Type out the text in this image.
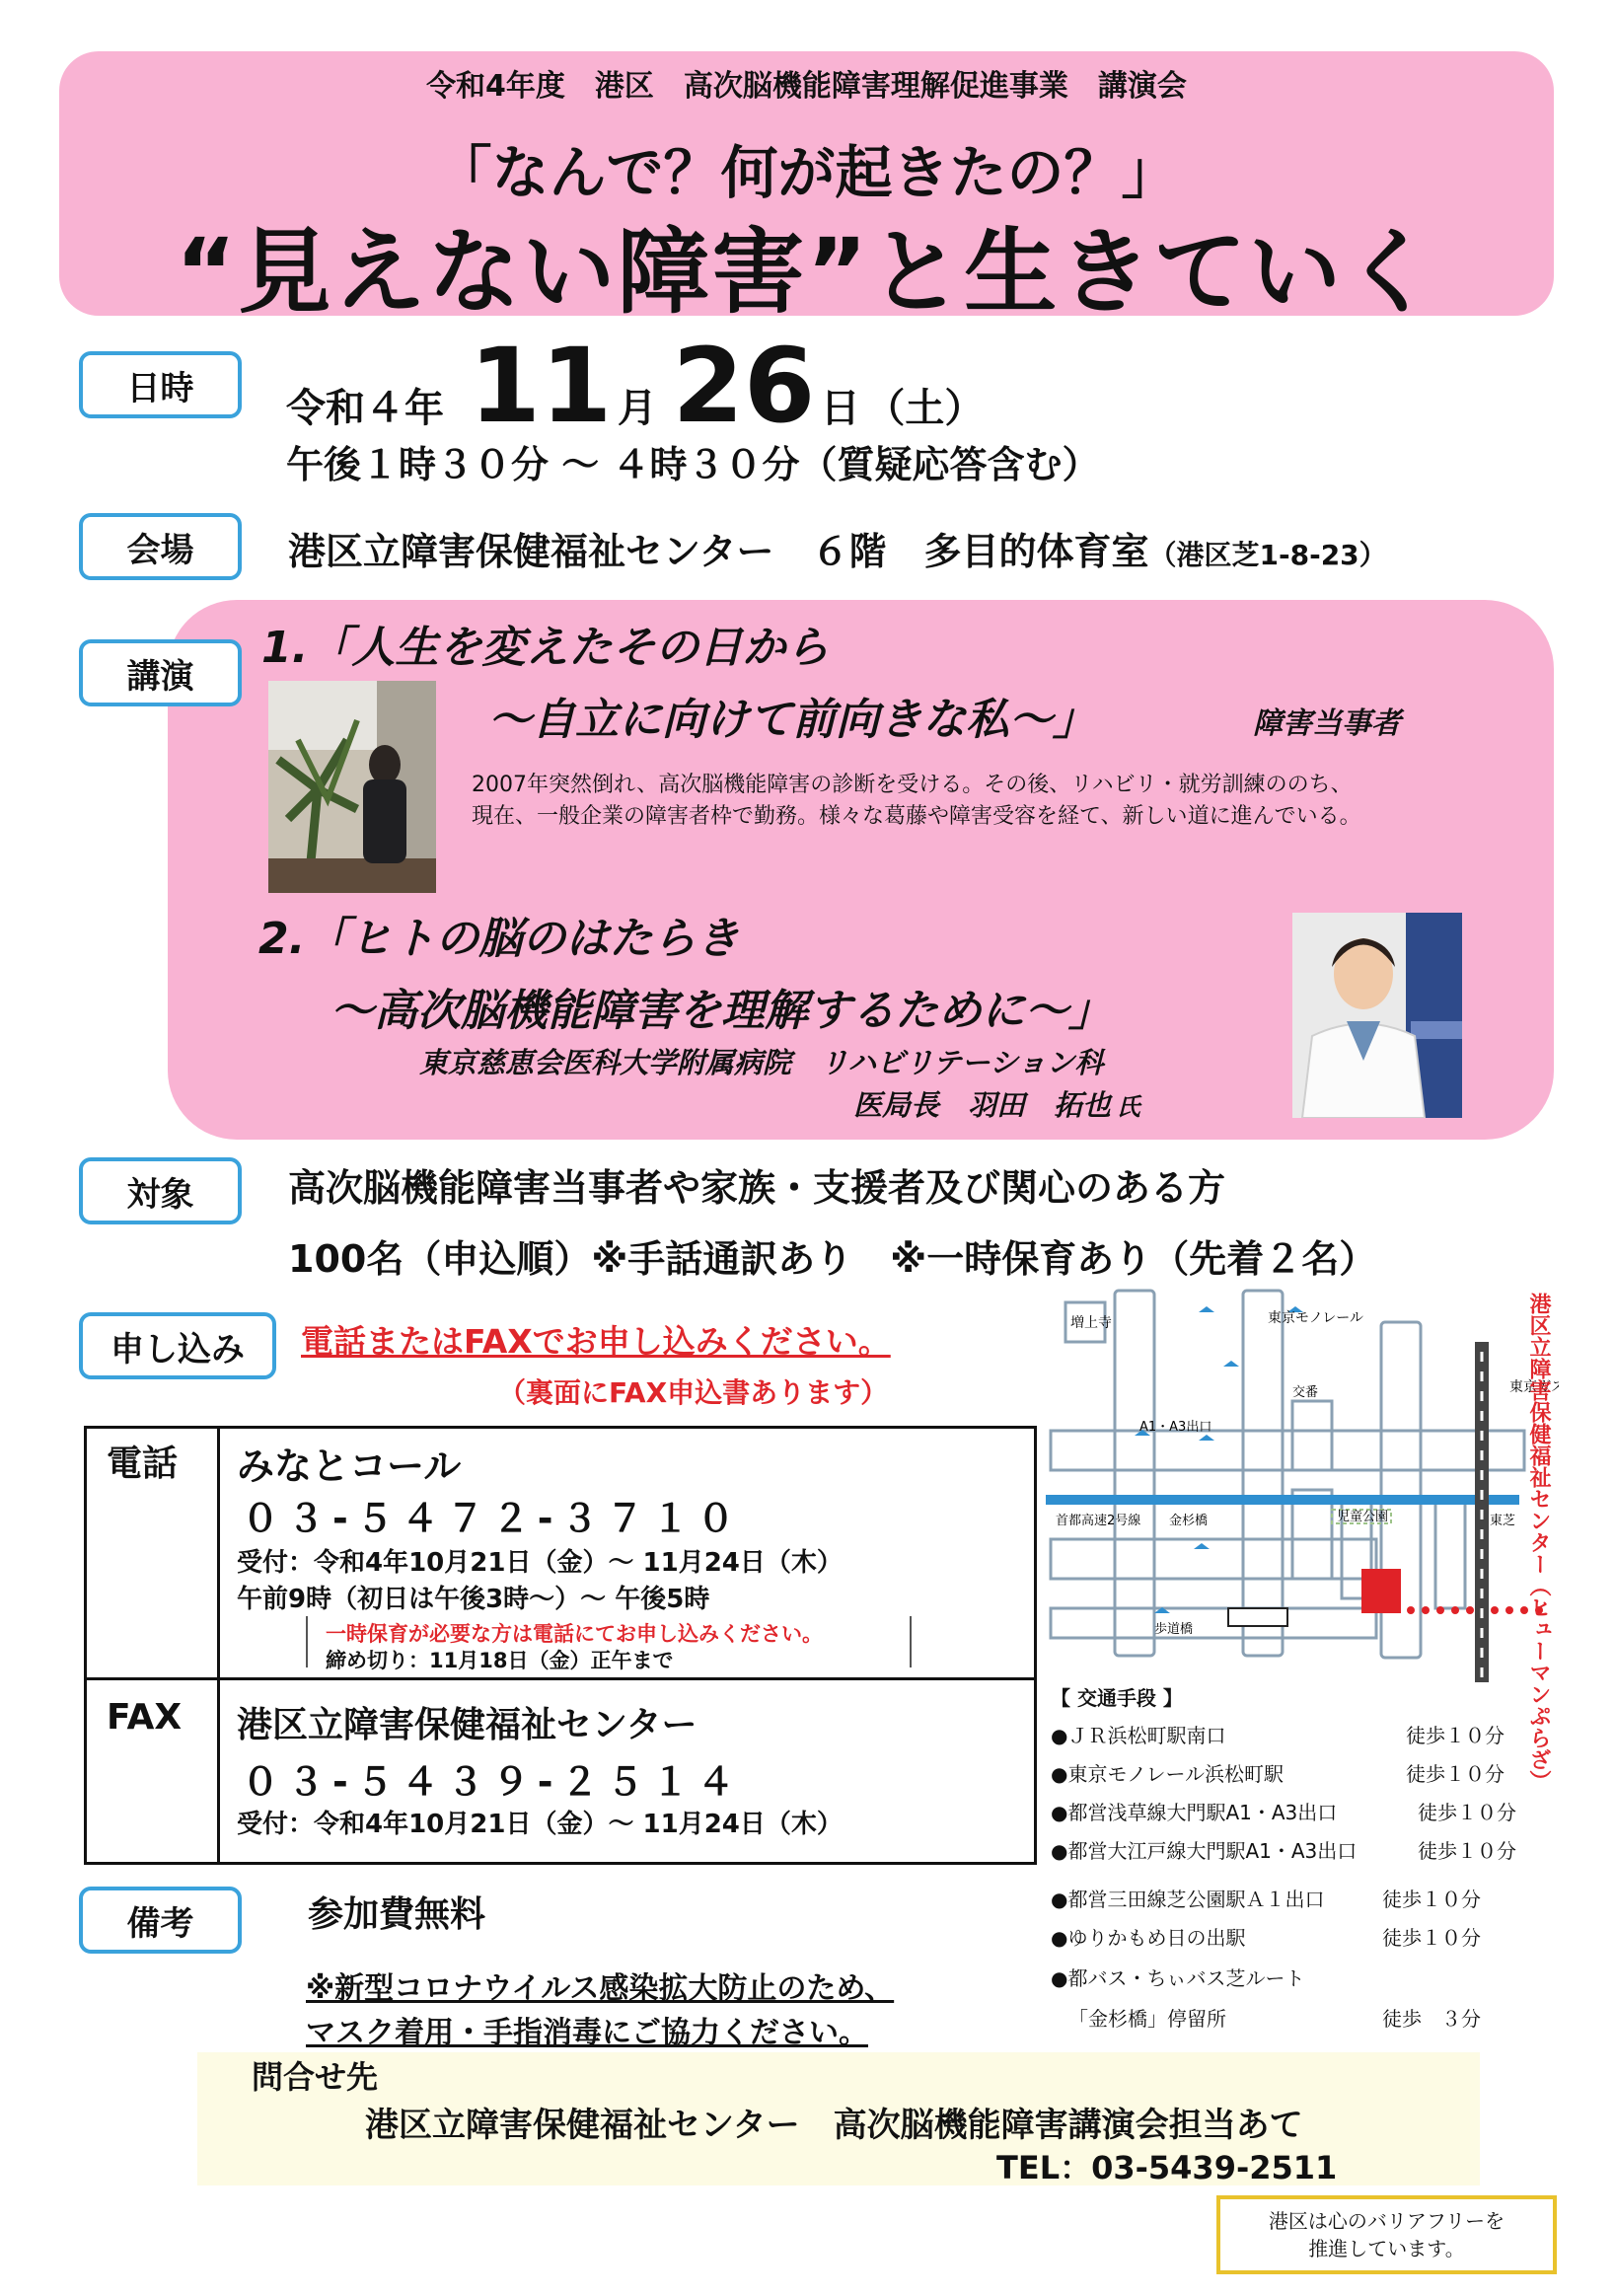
令和4年度　港区　高次脳機能障害理解促進事業　講演会
「なんで？何が起きたの？」
“見えない障害”と生きていく
日時	令和４年 11 月 26 日 （土）
午後１時３０分 ～ ４時３０分（質疑応答含む）
会場	港区立障害保健福祉センター　６階　多目的体育室（港区芝1-8-23）
講演
1.「人生を変えたその日から
～自立に向けて前向きな私～」	障害当事者
2007年突然倒れ、高次脳機能障害の診断を受ける。その後、リハビリ・就労訓練ののち、
現在、一般企業の障害者枠で勤務。様々な葛藤や障害受容を経て、新しい道に進んでいる。
2.「ヒトの脳のはたらき
～高次脳機能障害を理解するために～」
東京慈恵会医科大学附属病院　リハビリテーション科
医局長　羽田　拓也 氏
対象	高次脳機能障害当事者や家族・支援者及び関心のある方
100名（申込順）※手話通訳あり　※一時保育あり（先着２名）
申し込み	電話またはFAXでお申し込みください。
（裏面にFAX申込書あります）
電話 みなとコール
０３-５４７２-３７１０
受付：令和4年10月21日（金）～ 11月24日（木）
午前9時（初日は午後3時～）～ 午後5時
一時保育が必要な方は電話にてお申し込みください。
締め切り：11月18日（金）正午まで
FAX 港区立障害保健福祉センター
０３-５４３９-２５１４
受付：令和4年10月21日（金）～ 11月24日（木）
増上寺
東京ガス
東京モノレール
A1・A3出口
交番
首都高速2号線 金杉橋	児童公園
歩道橋
東芝 港区立障害保健福祉センター（ヒューマンぷらざ）
【 交通手段 】
●ＪＲ浜松町駅南口	徒歩１０分
●東京モノレール浜松町駅	徒歩１０分
●都営浅草線大門駅A1・A3出口	徒歩１０分
●都営大江戸線大門駅A1・A3出口	徒歩１０分
●都営三田線芝公園駅Ａ１出口	徒歩１０分
●ゆりかもめ日の出駅	徒歩１０分
●都バス・ちぃバス芝ルート
「金杉橋」停留所	徒歩　３分
備考	参加費無料
※新型コロナウイルス感染拡大防止のため、
マスク着用・手指消毒にご協力ください。
問合せ先
港区立障害保健福祉センター　高次脳機能障害講演会担当あて
TEL：03-5439-2511
港区は心のバリアフリーを
推進しています。
